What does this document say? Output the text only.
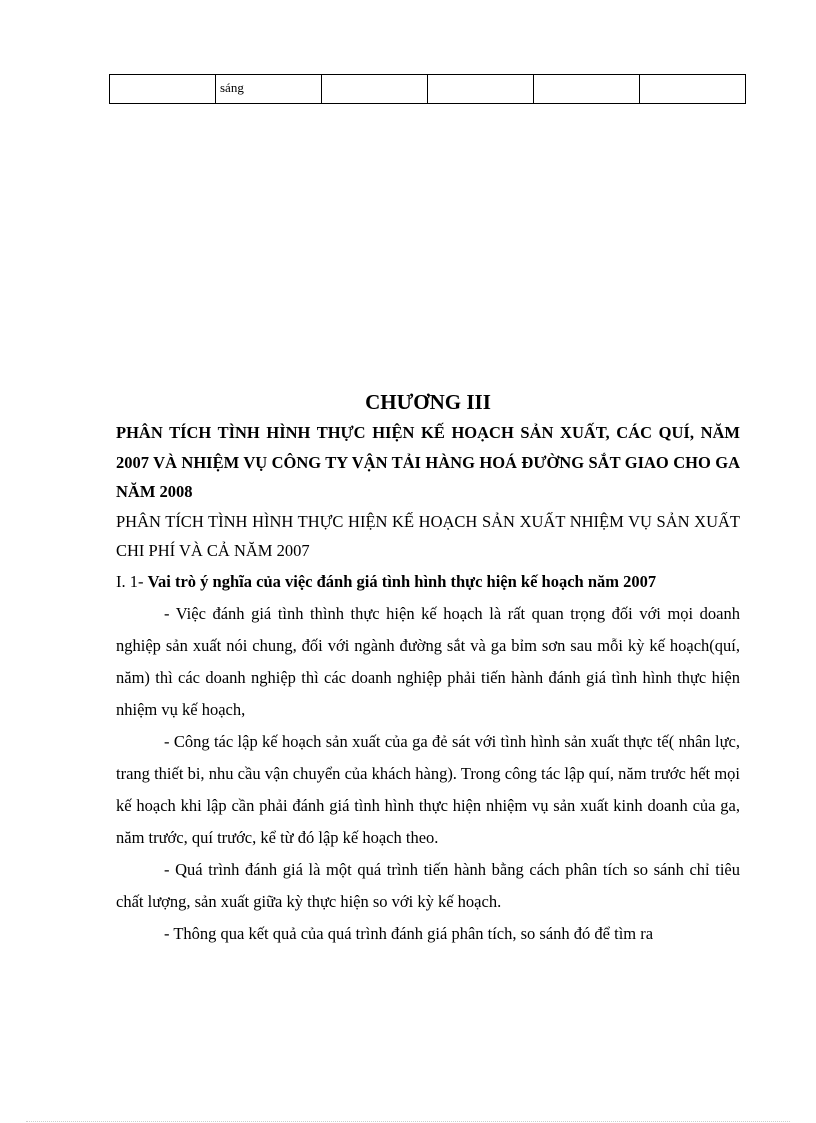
	sáng				
CHƯƠNG III

PHÂN TÍCH TÌNH HÌNH THỰC HIỆN KẾ HOẠCH SẢN XUẤT, CÁC QUÍ, NĂM 2007 VÀ NHIỆM VỤ CÔNG TY VẬN TẢI HÀNG HOÁ ĐƯỜNG SẮT GIAO CHO GA NĂM 2008

PHÂN TÍCH TÌNH HÌNH THỰC HIỆN KẾ HOẠCH SẢN XUẤT NHIỆM VỤ SẢN XUẤT CHI PHÍ VÀ CẢ NĂM 2007

I. 1- Vai trò ý nghĩa của việc đánh giá tình hình thực hiện kế hoạch năm 2007

- Việc đánh giá tình thình thực hiện kế hoạch là rất quan trọng đối với mọi doanh nghiệp sản xuất nói chung, đối với ngành đường sắt và ga bỉm sơn sau mỗi kỳ kế hoạch(quí, năm) thì các doanh nghiệp thì các doanh nghiệp phải tiến hành đánh giá tình hình thực hiện nhiệm vụ kế hoạch,

- Công tác lập kế hoạch sản xuất của ga đẻ sát với tình hình sản xuất thực tế( nhân lực, trang thiết bi, nhu cầu vận chuyển của khách hàng). Trong công tác lập quí, năm trước hết mọi kế hoạch khi lập cần phải đánh giá tình hình thực hiện nhiệm vụ sản xuất kinh doanh của ga, năm trước, quí trước, kể từ đó lập kế hoạch theo.

- Quá trình đánh giá là một quá trình tiến hành bằng cách phân tích so sánh chỉ tiêu chất lượng, sản xuất giữa kỳ thực hiện so với kỳ kế hoạch.

- Thông qua kết quả của quá trình đánh giá phân tích, so sánh đó để tìm ra
